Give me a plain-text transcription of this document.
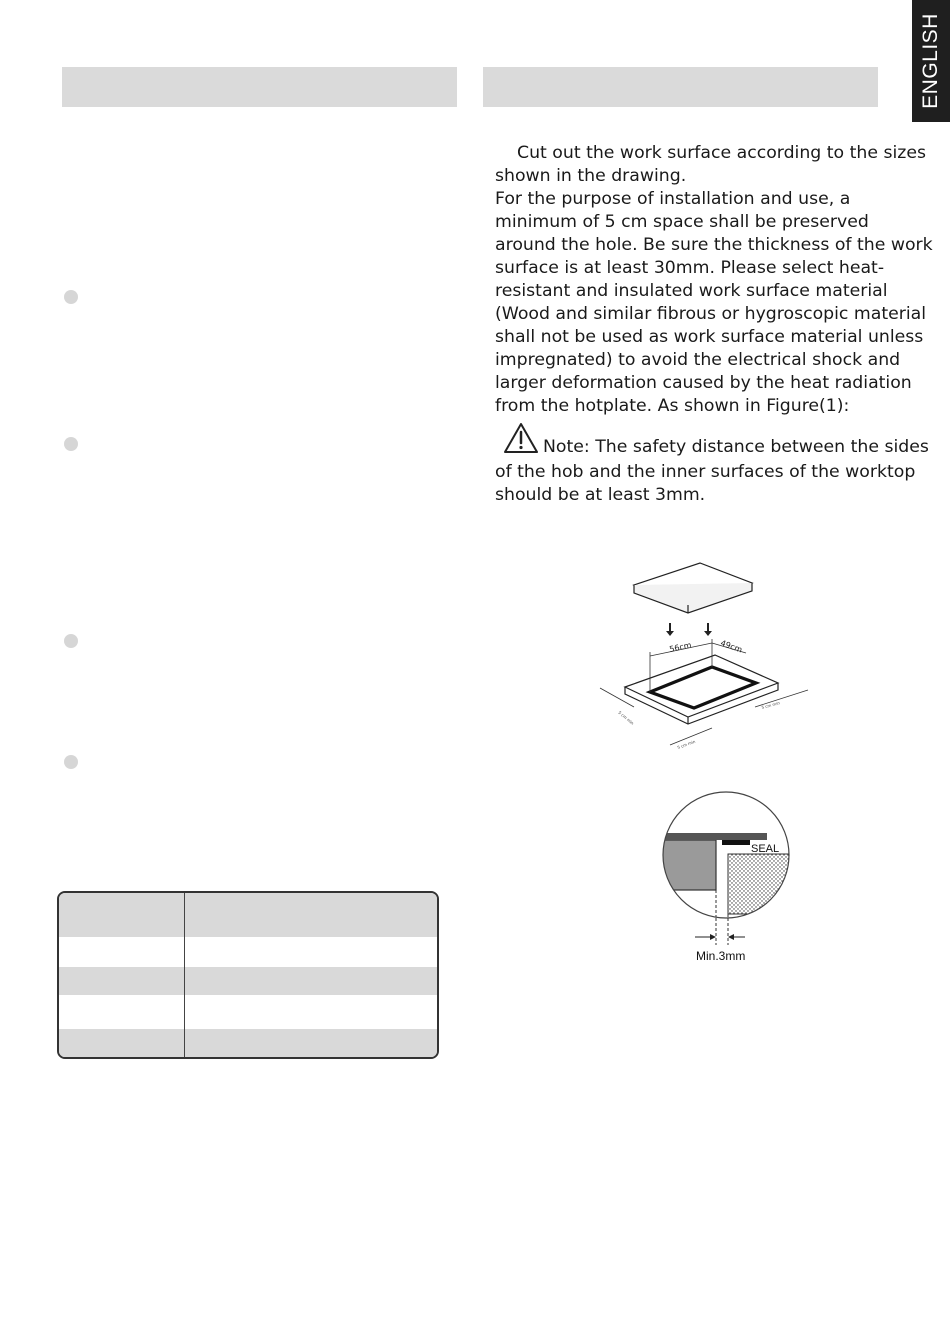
ENGLISH

Cut out the work surface according to the sizes shown in the drawing.

For the purpose of installation and use, a minimum of 5 cm space shall be preserved around the hole. Be sure the thickness of the work surface is at least 30mm. Please select heat-resistant and insulated work surface material (Wood and similar fibrous or hygroscopic material shall not be used as work surface material unless impregnated) to avoid the electrical shock and larger deformation caused by the heat radiation from the hotplate. As shown in Figure(1):

Note: The safety distance between the sides of the hob and the inner surfaces of the worktop should be at least 3mm.

56cm	49cm
5 cm min
5 cm min
5 cm min
SEAL
Min.3mm
